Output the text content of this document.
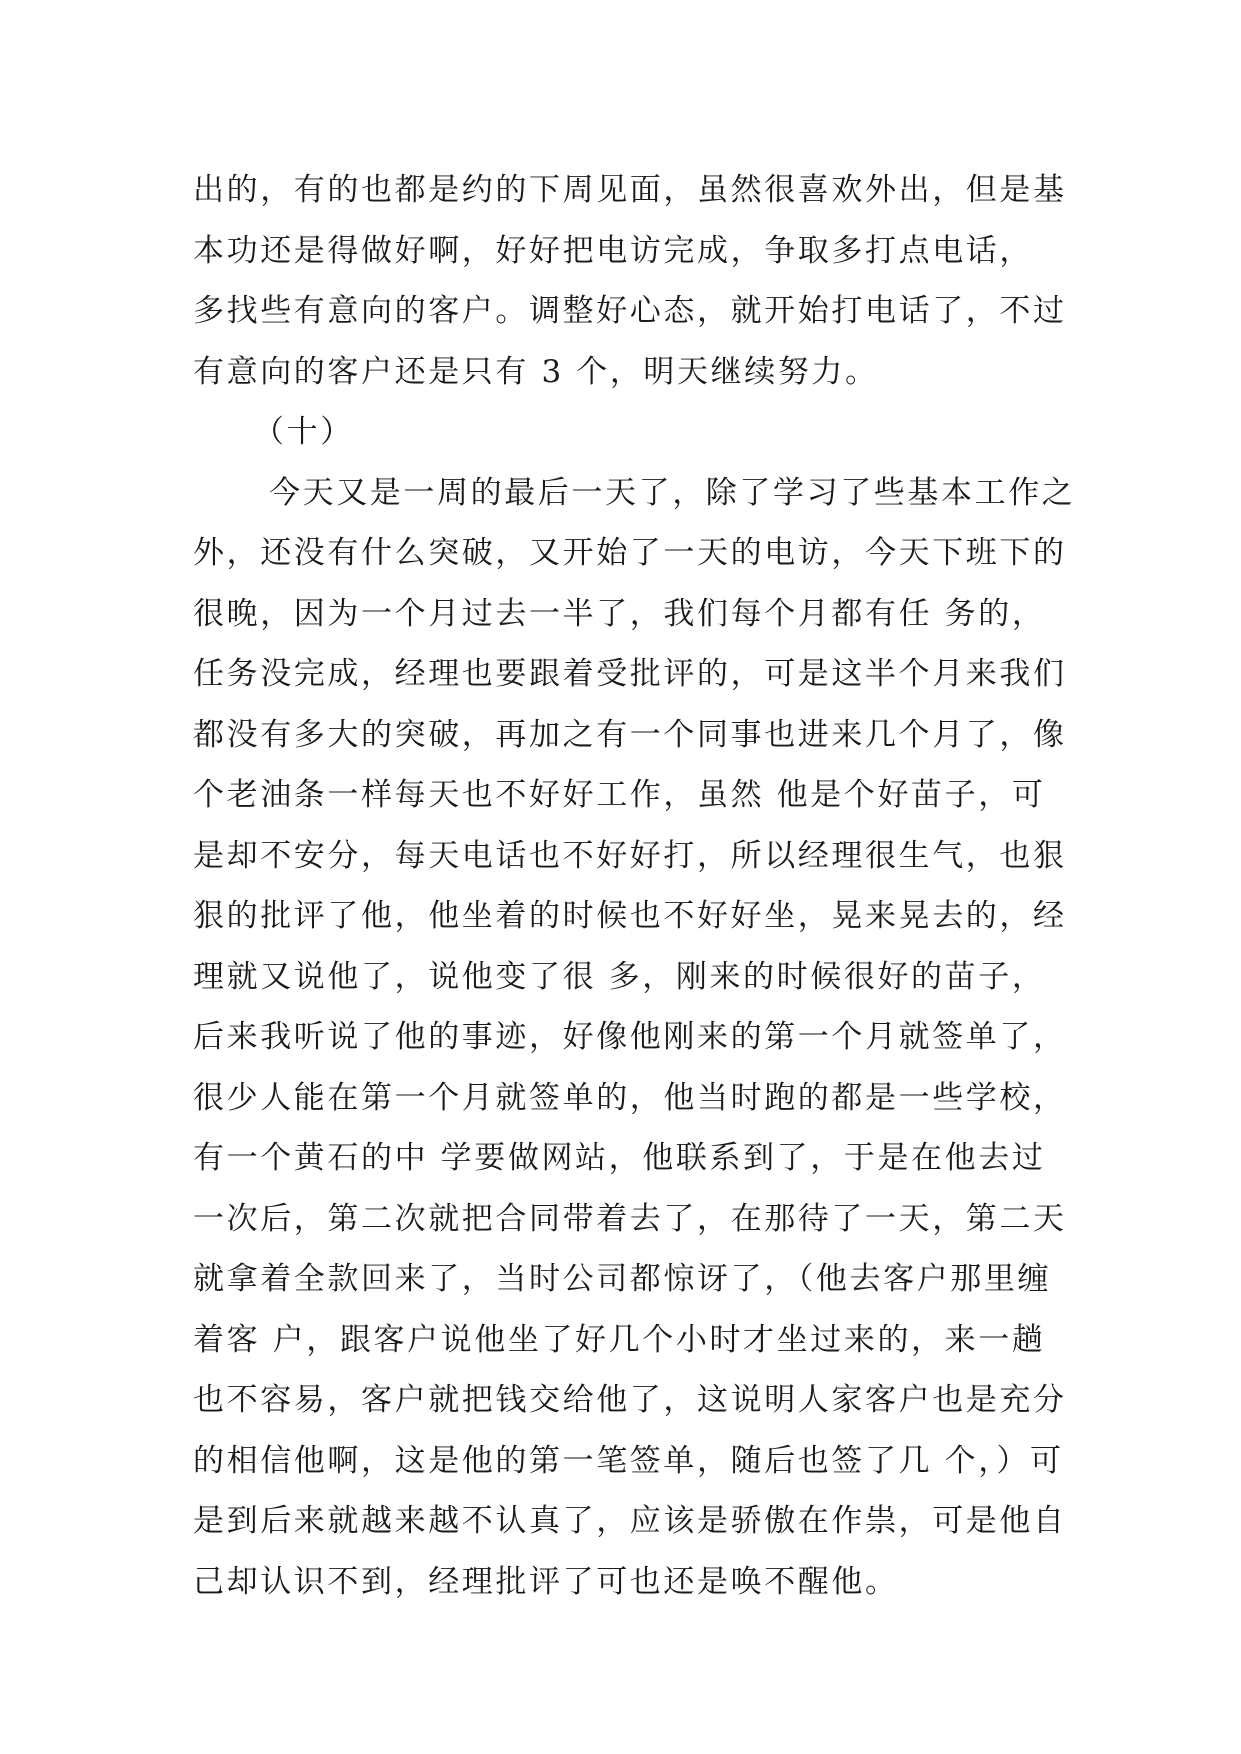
出的，有的也都是约的下周见面，虽然很喜欢外出，但是基
本功还是得做好啊，好好把电访完成，争取多打点电话，
多找些有意向的客户。调整好心态，就开始打电话了，不过
有意向的客户还是只有 3 个，明天继续努力。
（十）
今天又是一周的最后一天了，除了学习了些基本工作之
外，还没有什么突破，又开始了一天的电访，今天下班下的
很晚，因为一个月过去一半了，我们每个月都有任 务的，
任务没完成，经理也要跟着受批评的，可是这半个月来我们
都没有多大的突破，再加之有一个同事也进来几个月了，像
个老油条一样每天也不好好工作，虽然 他是个好苗子，可
是却不安分，每天电话也不好好打，所以经理很生气，也狠
狠的批评了他，他坐着的时候也不好好坐，晃来晃去的，经
理就又说他了，说他变了很 多，刚来的时候很好的苗子，
后来我听说了他的事迹，好像他刚来的第一个月就签单了，
很少人能在第一个月就签单的，他当时跑的都是一些学校，
有一个黄石的中 学要做网站，他联系到了，于是在他去过
一次后，第二次就把合同带着去了，在那待了一天，第二天
就拿着全款回来了，当时公司都惊讶了，（他去客户那里缠
着客 户，跟客户说他坐了好几个小时才坐过来的，来一趟
也不容易，客户就把钱交给他了，这说明人家客户也是充分
的相信他啊，这是他的第一笔签单，随后也签了几 个，）可
是到后来就越来越不认真了，应该是骄傲在作祟，可是他自
己却认识不到，经理批评了可也还是唤不醒他。
